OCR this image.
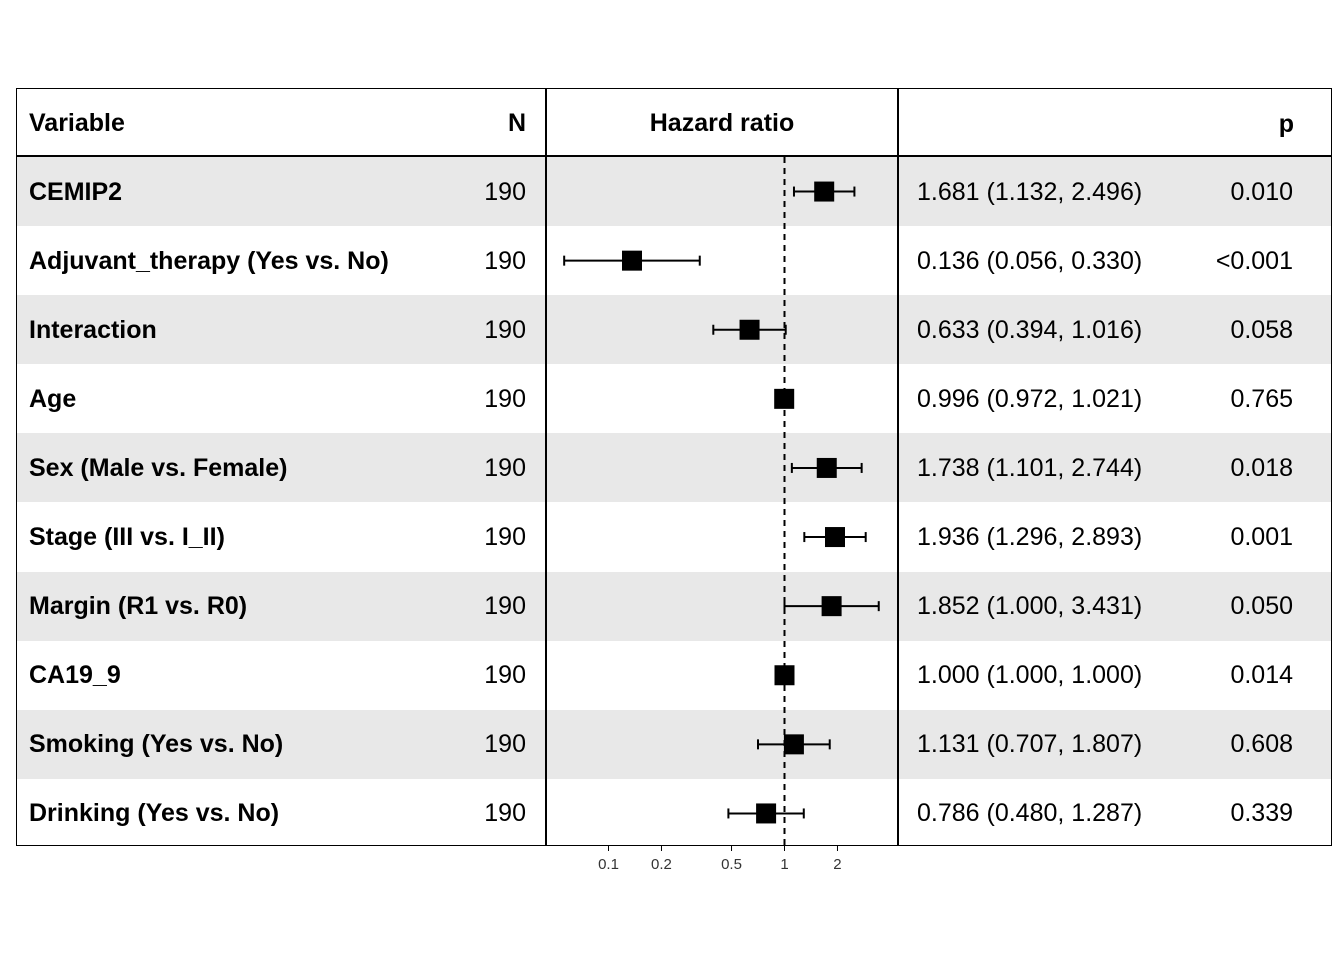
Variable	N	Hazard ratio	p
CEMIP2	190	1.681 (1.132, 2.496)	0.010
Adjuvant_therapy (Yes vs. No)	190	0.136 (0.056, 0.330)	<0.001
Interaction	190	0.633 (0.394, 1.016)	0.058
Age	190	0.996 (0.972, 1.021)	0.765
Sex (Male vs. Female)	190	1.738 (1.101, 2.744)	0.018
Stage (III vs. I_II)	190	1.936 (1.296, 2.893)	0.001
Margin (R1 vs. R0)	190	1.852 (1.000, 3.431)	0.050
CA19_9	190	1.000 (1.000, 1.000)	0.014
Smoking (Yes vs. No)	190	1.131 (0.707, 1.807)	0.608
Drinking (Yes vs. No)	190	0.786 (0.480, 1.287)	0.339
0.1 0.2	0.5	1	2
